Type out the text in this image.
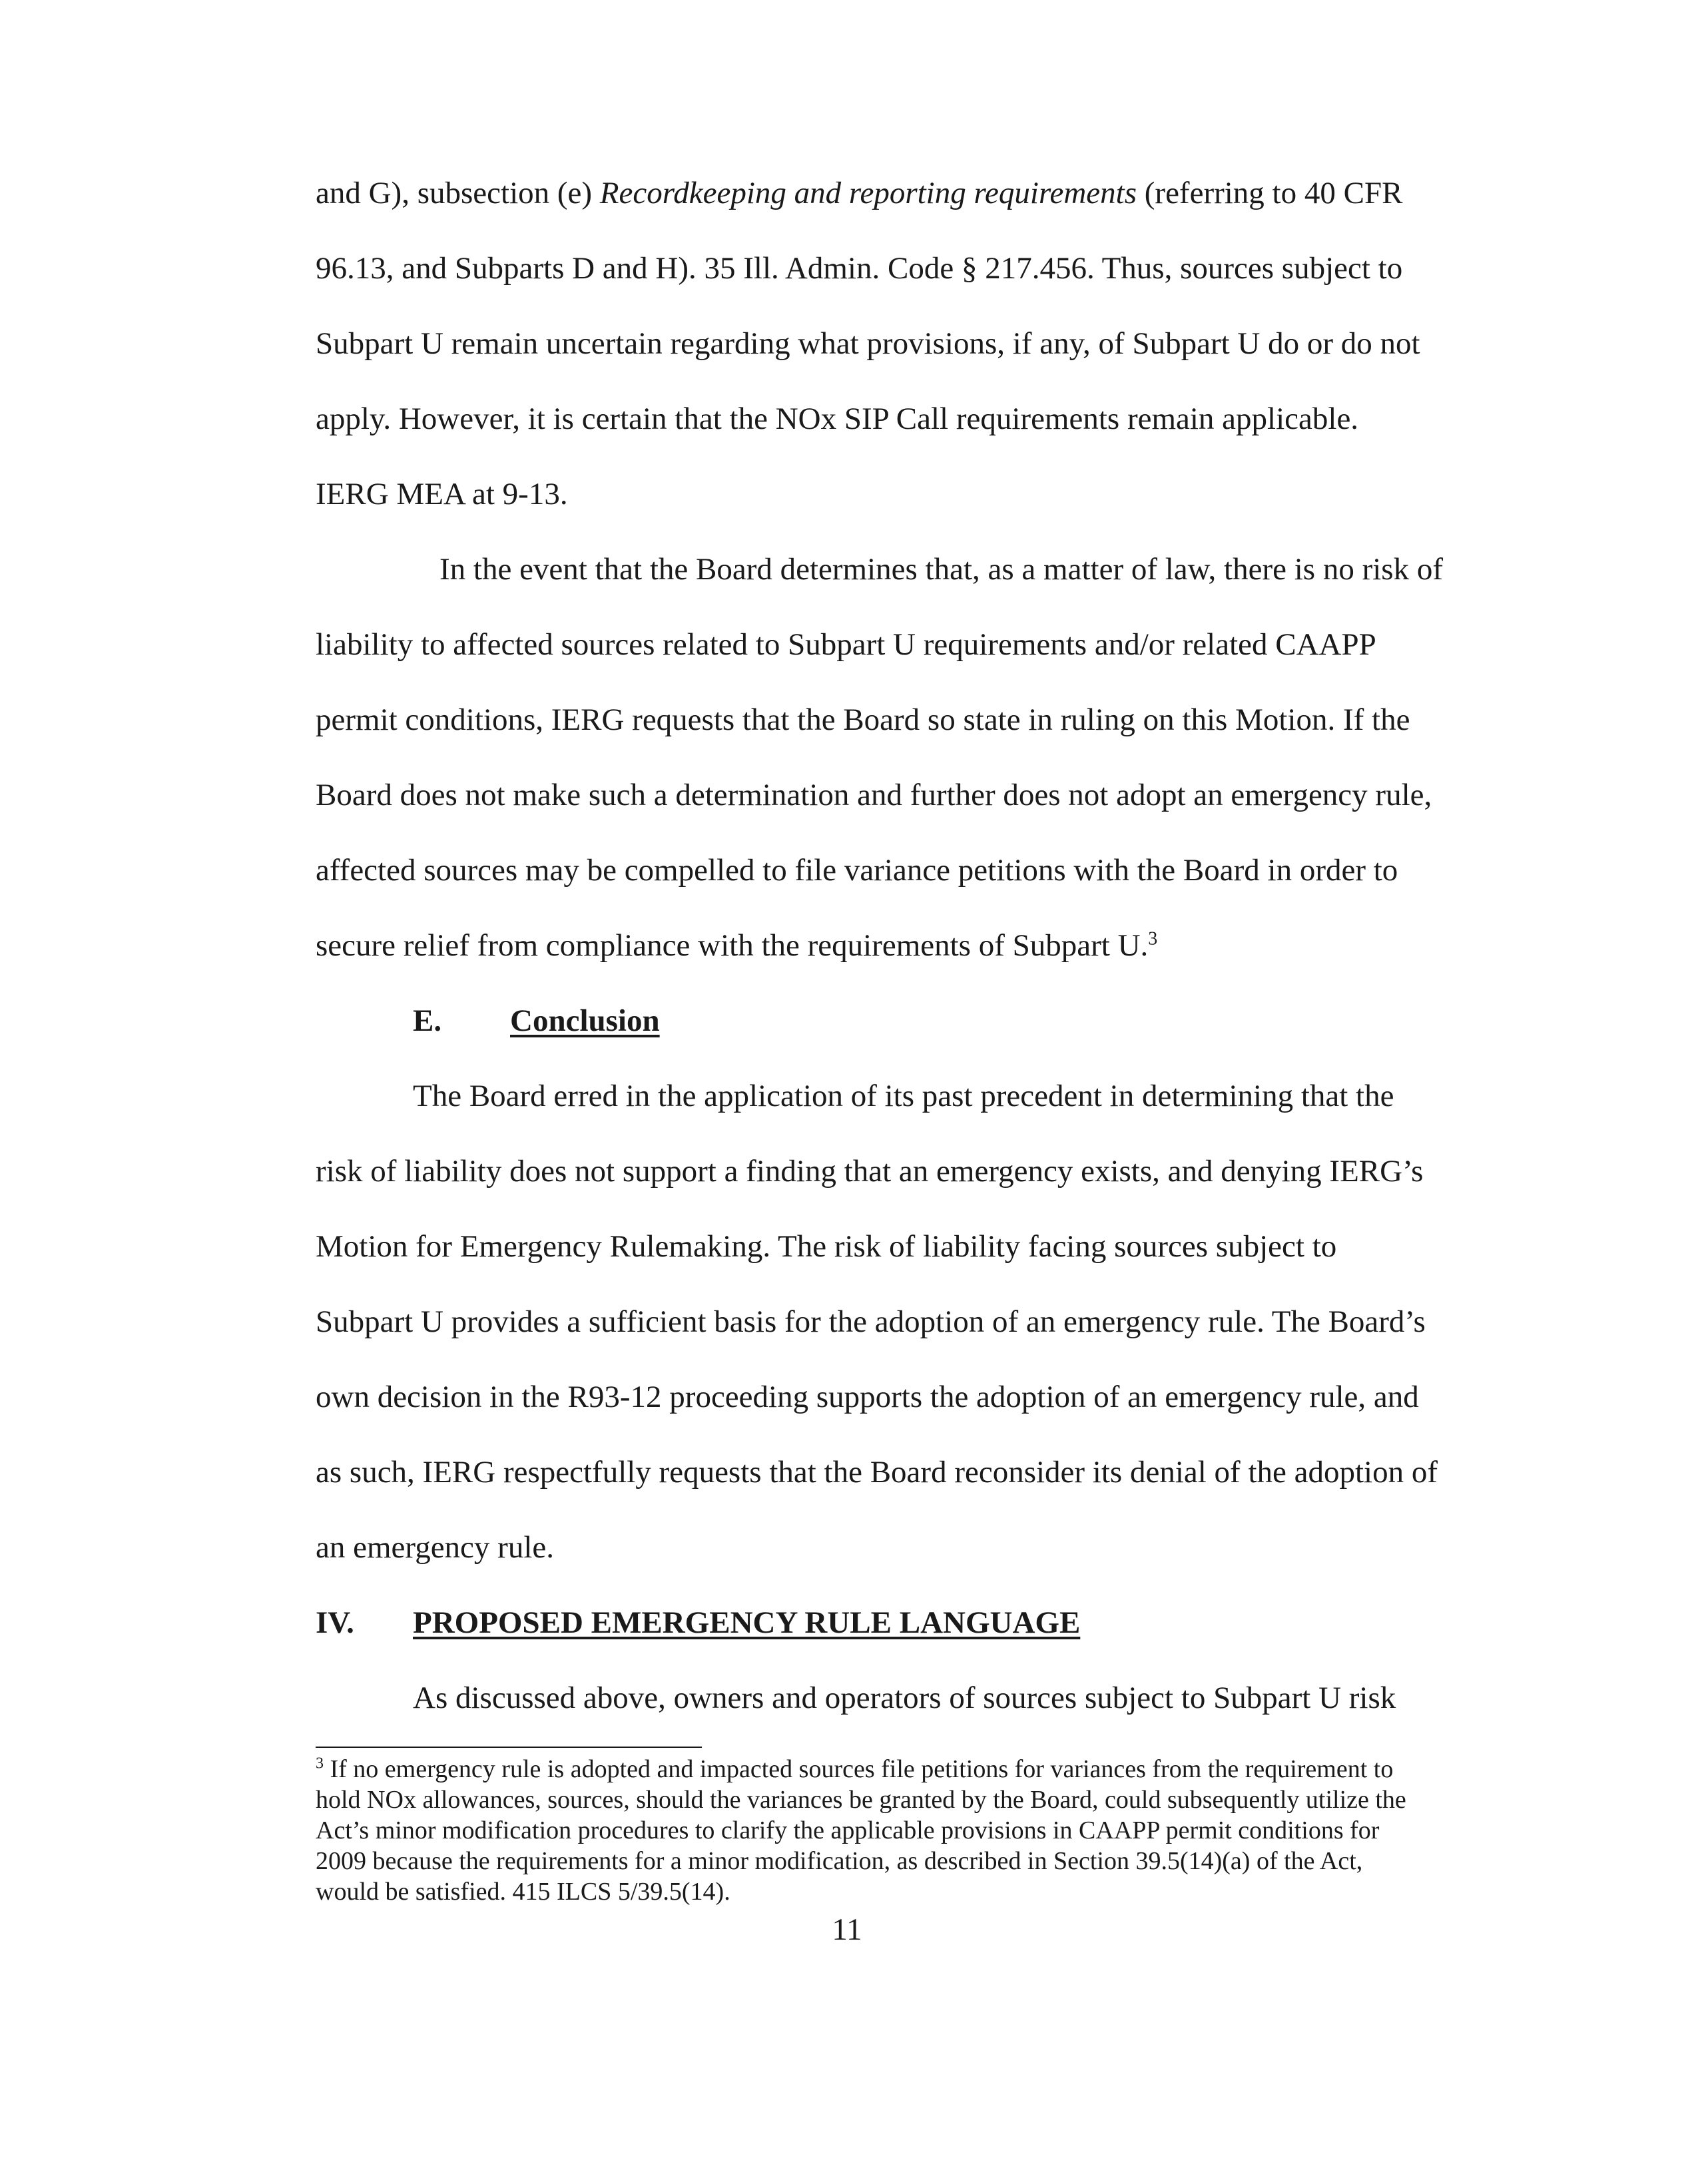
and G), subsection (e) Recordkeeping and reporting requirements (referring to 40 CFR
96.13, and Subparts D and H). 35 Ill. Admin. Code § 217.456. Thus, sources subject to
Subpart U remain uncertain regarding what provisions, if any, of Subpart U do or do not
apply. However, it is certain that the NOx SIP Call requirements remain applicable.
IERG MEA at 9-13.
In the event that the Board determines that, as a matter of law, there is no risk of
liability to affected sources related to Subpart U requirements and/or related CAAPP
permit conditions, IERG requests that the Board so state in ruling on this Motion. If the
Board does not make such a determination and further does not adopt an emergency rule,
affected sources may be compelled to file variance petitions with the Board in order to
secure relief from compliance with the requirements of Subpart U.$^3$
E. Conclusion
The Board erred in the application of its past precedent in determining that the
risk of liability does not support a finding that an emergency exists, and denying IERG’s
Motion for Emergency Rulemaking. The risk of liability facing sources subject to
Subpart U provides a sufficient basis for the adoption of an emergency rule. The Board’s
own decision in the R93-12 proceeding supports the adoption of an emergency rule, and
as such, IERG respectfully requests that the Board reconsider its denial of the adoption of
an emergency rule.
IV. PROPOSED EMERGENCY RULE LANGUAGE
As discussed above, owners and operators of sources subject to Subpart U risk
$^3$ If no emergency rule is adopted and impacted sources file petitions for variances from the requirement to
hold NOx allowances, sources, should the variances be granted by the Board, could subsequently utilize the
Act’s minor modification procedures to clarify the applicable provisions in CAAPP permit conditions for
2009 because the requirements for a minor modification, as described in Section 39.5(14)(a) of the Act,
would be satisfied. 415 ILCS 5/39.5(14).
11
